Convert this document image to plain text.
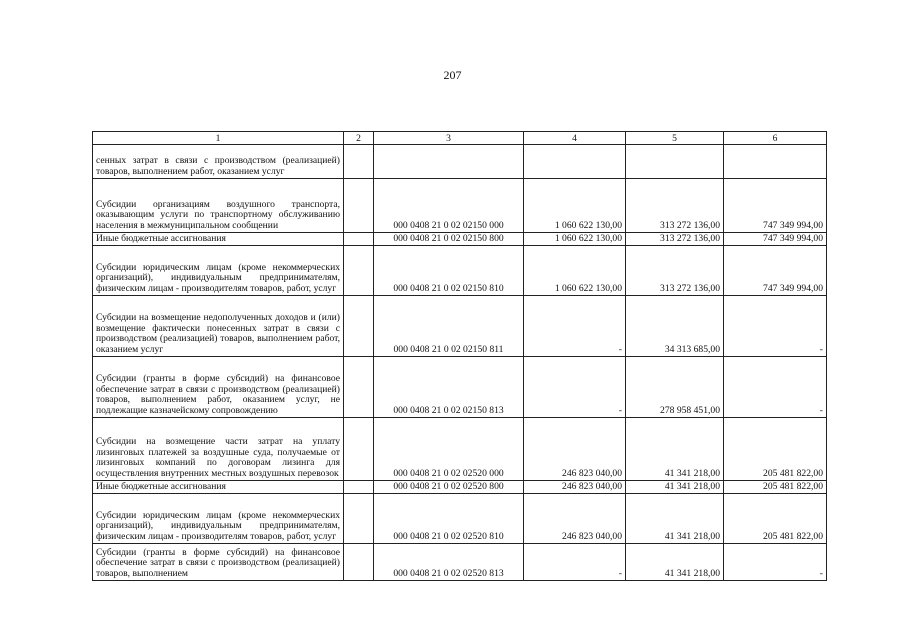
207
1	2	3	4	5	6
сенных затрат в связи с производством (реализацией) товаров, выполнением работ, оказанием услуг					
Субсидии организациям воздушного транспорта, оказывающим услуги по транспортному обслуживанию населения в межмуниципальном сообщении		000 0408 21 0 02 02150 000	1 060 622 130,00	313 272 136,00	747 349 994,00
Иные бюджетные ассигнования		000 0408 21 0 02 02150 800	1 060 622 130,00	313 272 136,00	747 349 994,00
Субсидии юридическим лицам (кроме некоммерческих организаций), индивидуальным предпринимателям, физическим лицам - производителям товаров, работ, услуг		000 0408 21 0 02 02150 810	1 060 622 130,00	313 272 136,00	747 349 994,00
Субсидии на возмещение недополученных доходов и (или) возмещение фактически понесенных затрат в связи с производством (реализацией) товаров, выполнением работ, оказанием услуг		000 0408 21 0 02 02150 811	-	34 313 685,00	-
Субсидии (гранты в форме субсидий) на финансовое обеспечение затрат в связи с производством (реализацией) товаров, выполнением работ, оказанием услуг, не подлежащие казначейскому сопровождению		000 0408 21 0 02 02150 813	-	278 958 451,00	-
Субсидии на возмещение части затрат на уплату лизинговых платежей за воздушные суда, получаемые от лизинговых компаний по договорам лизинга для осуществления внутренних местных воздушных перевозок		000 0408 21 0 02 02520 000	246 823 040,00	41 341 218,00	205 481 822,00
Иные бюджетные ассигнования		000 0408 21 0 02 02520 800	246 823 040,00	41 341 218,00	205 481 822,00
Субсидии юридическим лицам (кроме некоммерческих организаций), индивидуальным предпринимателям, физическим лицам - производителям товаров, работ, услуг		000 0408 21 0 02 02520 810	246 823 040,00	41 341 218,00	205 481 822,00
Субсидии (гранты в форме субсидий) на финансовое обеспечение затрат в связи с производством (реализацией) товаров, выполнением		000 0408 21 0 02 02520 813	-	41 341 218,00	-
